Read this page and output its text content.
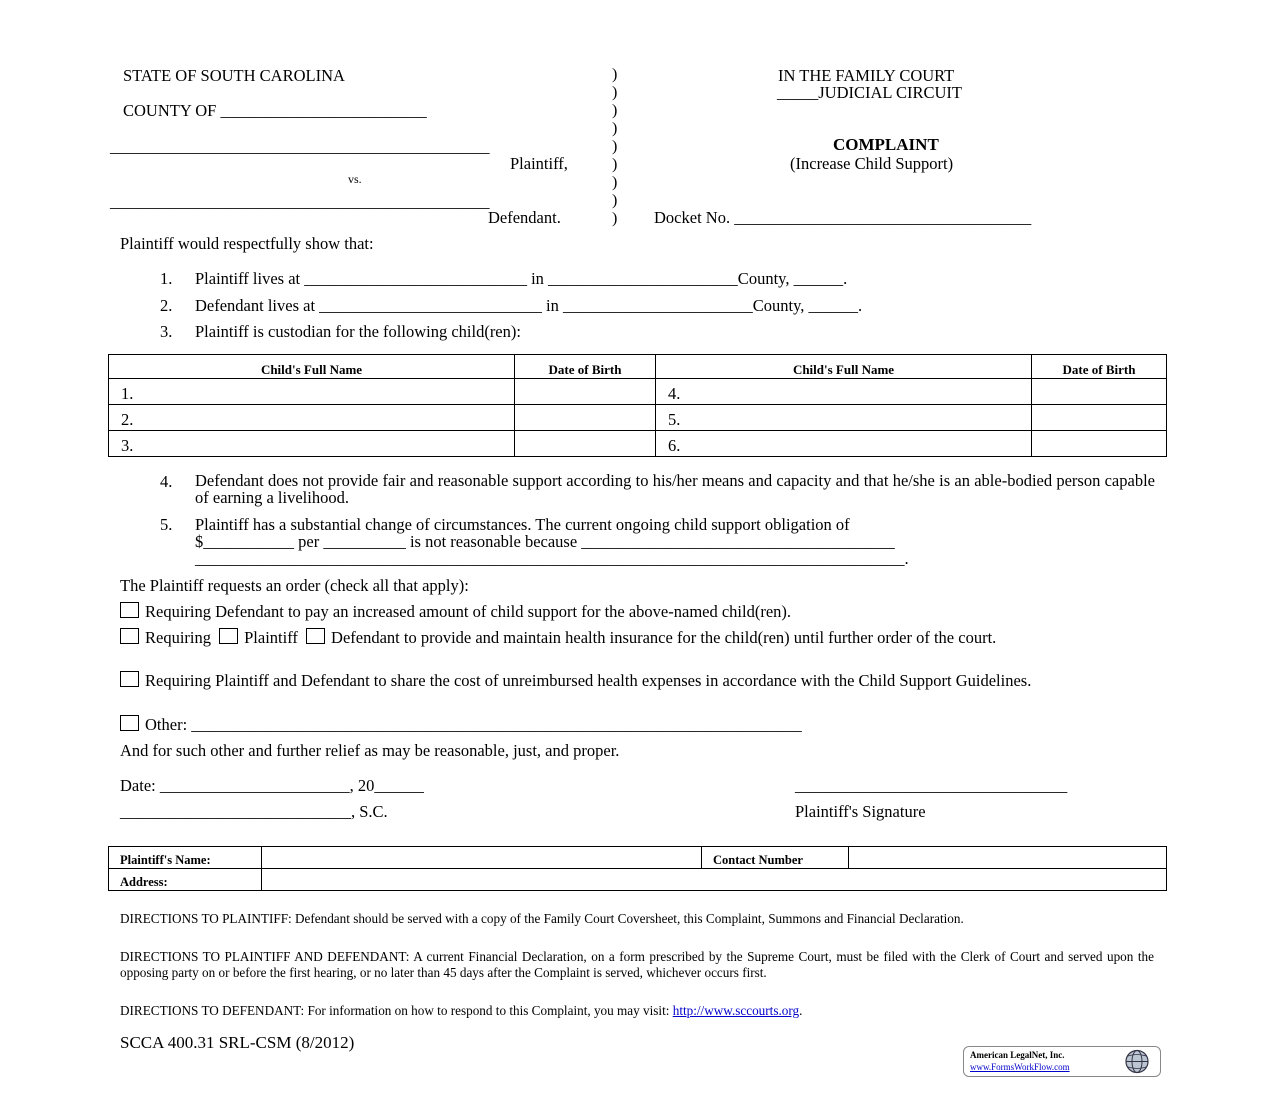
STATE OF SOUTH CAROLINA
COUNTY OF _________________________
______________________________________________
Plaintiff,
vs.
______________________________________________
Defendant.
)
)
)
)
)
)
)
)
)
IN THE FAMILY COURT
_____JUDICIAL CIRCUIT
COMPLAINT
(Increase Child Support)
Docket No. ____________________________________
Plaintiff would respectfully show that:
1. Plaintiff lives at ___________________________ in _______________________County, ______.
2. Defendant lives at ___________________________ in _______________________County, ______.
3. Plaintiff is custodian for the following child(ren):
Child's Full Name	Date of Birth	Child's Full Name	Date of Birth
1.		4.	
2.		5.	
3.		6.	
4. Defendant does not provide fair and reasonable support according to his/her means and capacity and that he/she is an able-bodied person capable of earning a livelihood.
5. Plaintiff has a substantial change of circumstances. The current ongoing child support obligation of
$___________ per __________ is not reasonable because ______________________________________
______________________________________________________________________________________.
The Plaintiff requests an order (check all that apply):
Requiring Defendant to pay an increased amount of child support for the above-named child(ren).
Requiring Plaintiff Defendant to provide and maintain health insurance for the child(ren) until further order of the court.
Requiring Plaintiff and Defendant to share the cost of unreimbursed health expenses in accordance with the Child Support Guidelines.
Other: __________________________________________________________________________
And for such other and further relief as may be reasonable, just, and proper.
Date: _______________________, 20______
____________________________, S.C.
_________________________________
Plaintiff's Signature
Plaintiff's Name:		Contact Number	
Address:			
DIRECTIONS TO PLAINTIFF: Defendant should be served with a copy of the Family Court Coversheet, this Complaint, Summons and Financial Declaration.
DIRECTIONS TO PLAINTIFF AND DEFENDANT: A current Financial Declaration, on a form prescribed by the Supreme Court, must be filed with the Clerk of Court and served upon the opposing party on or before the first hearing, or no later than 45 days after the Complaint is served, whichever occurs first.
DIRECTIONS TO DEFENDANT: For information on how to respond to this Complaint, you may visit: http://www.sccourts.org.
SCCA 400.31 SRL-CSM (8/2012)
American LegalNet, Inc.
www.FormsWorkFlow.com
